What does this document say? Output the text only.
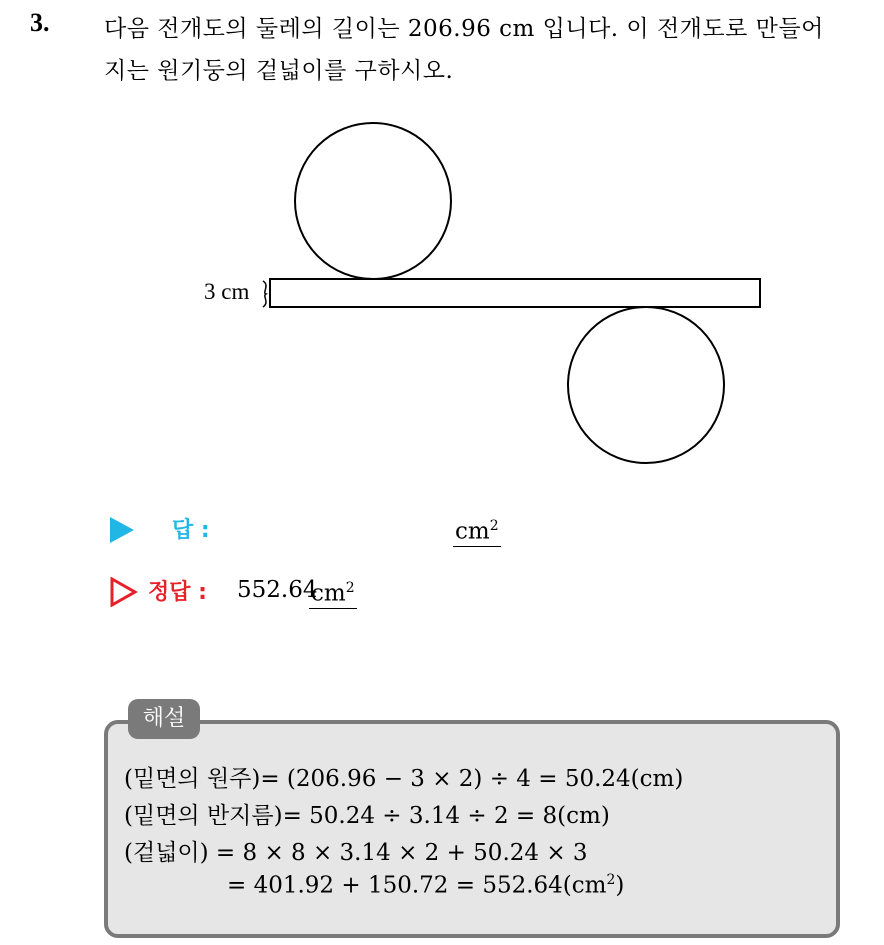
3. 다음 전개도의 둘레의 길이는 206.96 cm 입니다. 이 전개도로 만들어
지는 원기둥의 겉넓이를 구하시오.
3 cm
답 :	$cm^2$
정답 : 552.64
$cm^2$
해설
(밑면의 원주)= (206.96 − 3 × 2) ÷ 4 = 50.24(cm)
(밑면의 반지름)= 50.24 ÷ 3.14 ÷ 2 = 8(cm)
(겉넓이) = 8 × 8 × 3.14 × 2 + 50.24 × 3
= $401.92 + 150.72 = 552.64(cm^2)$
